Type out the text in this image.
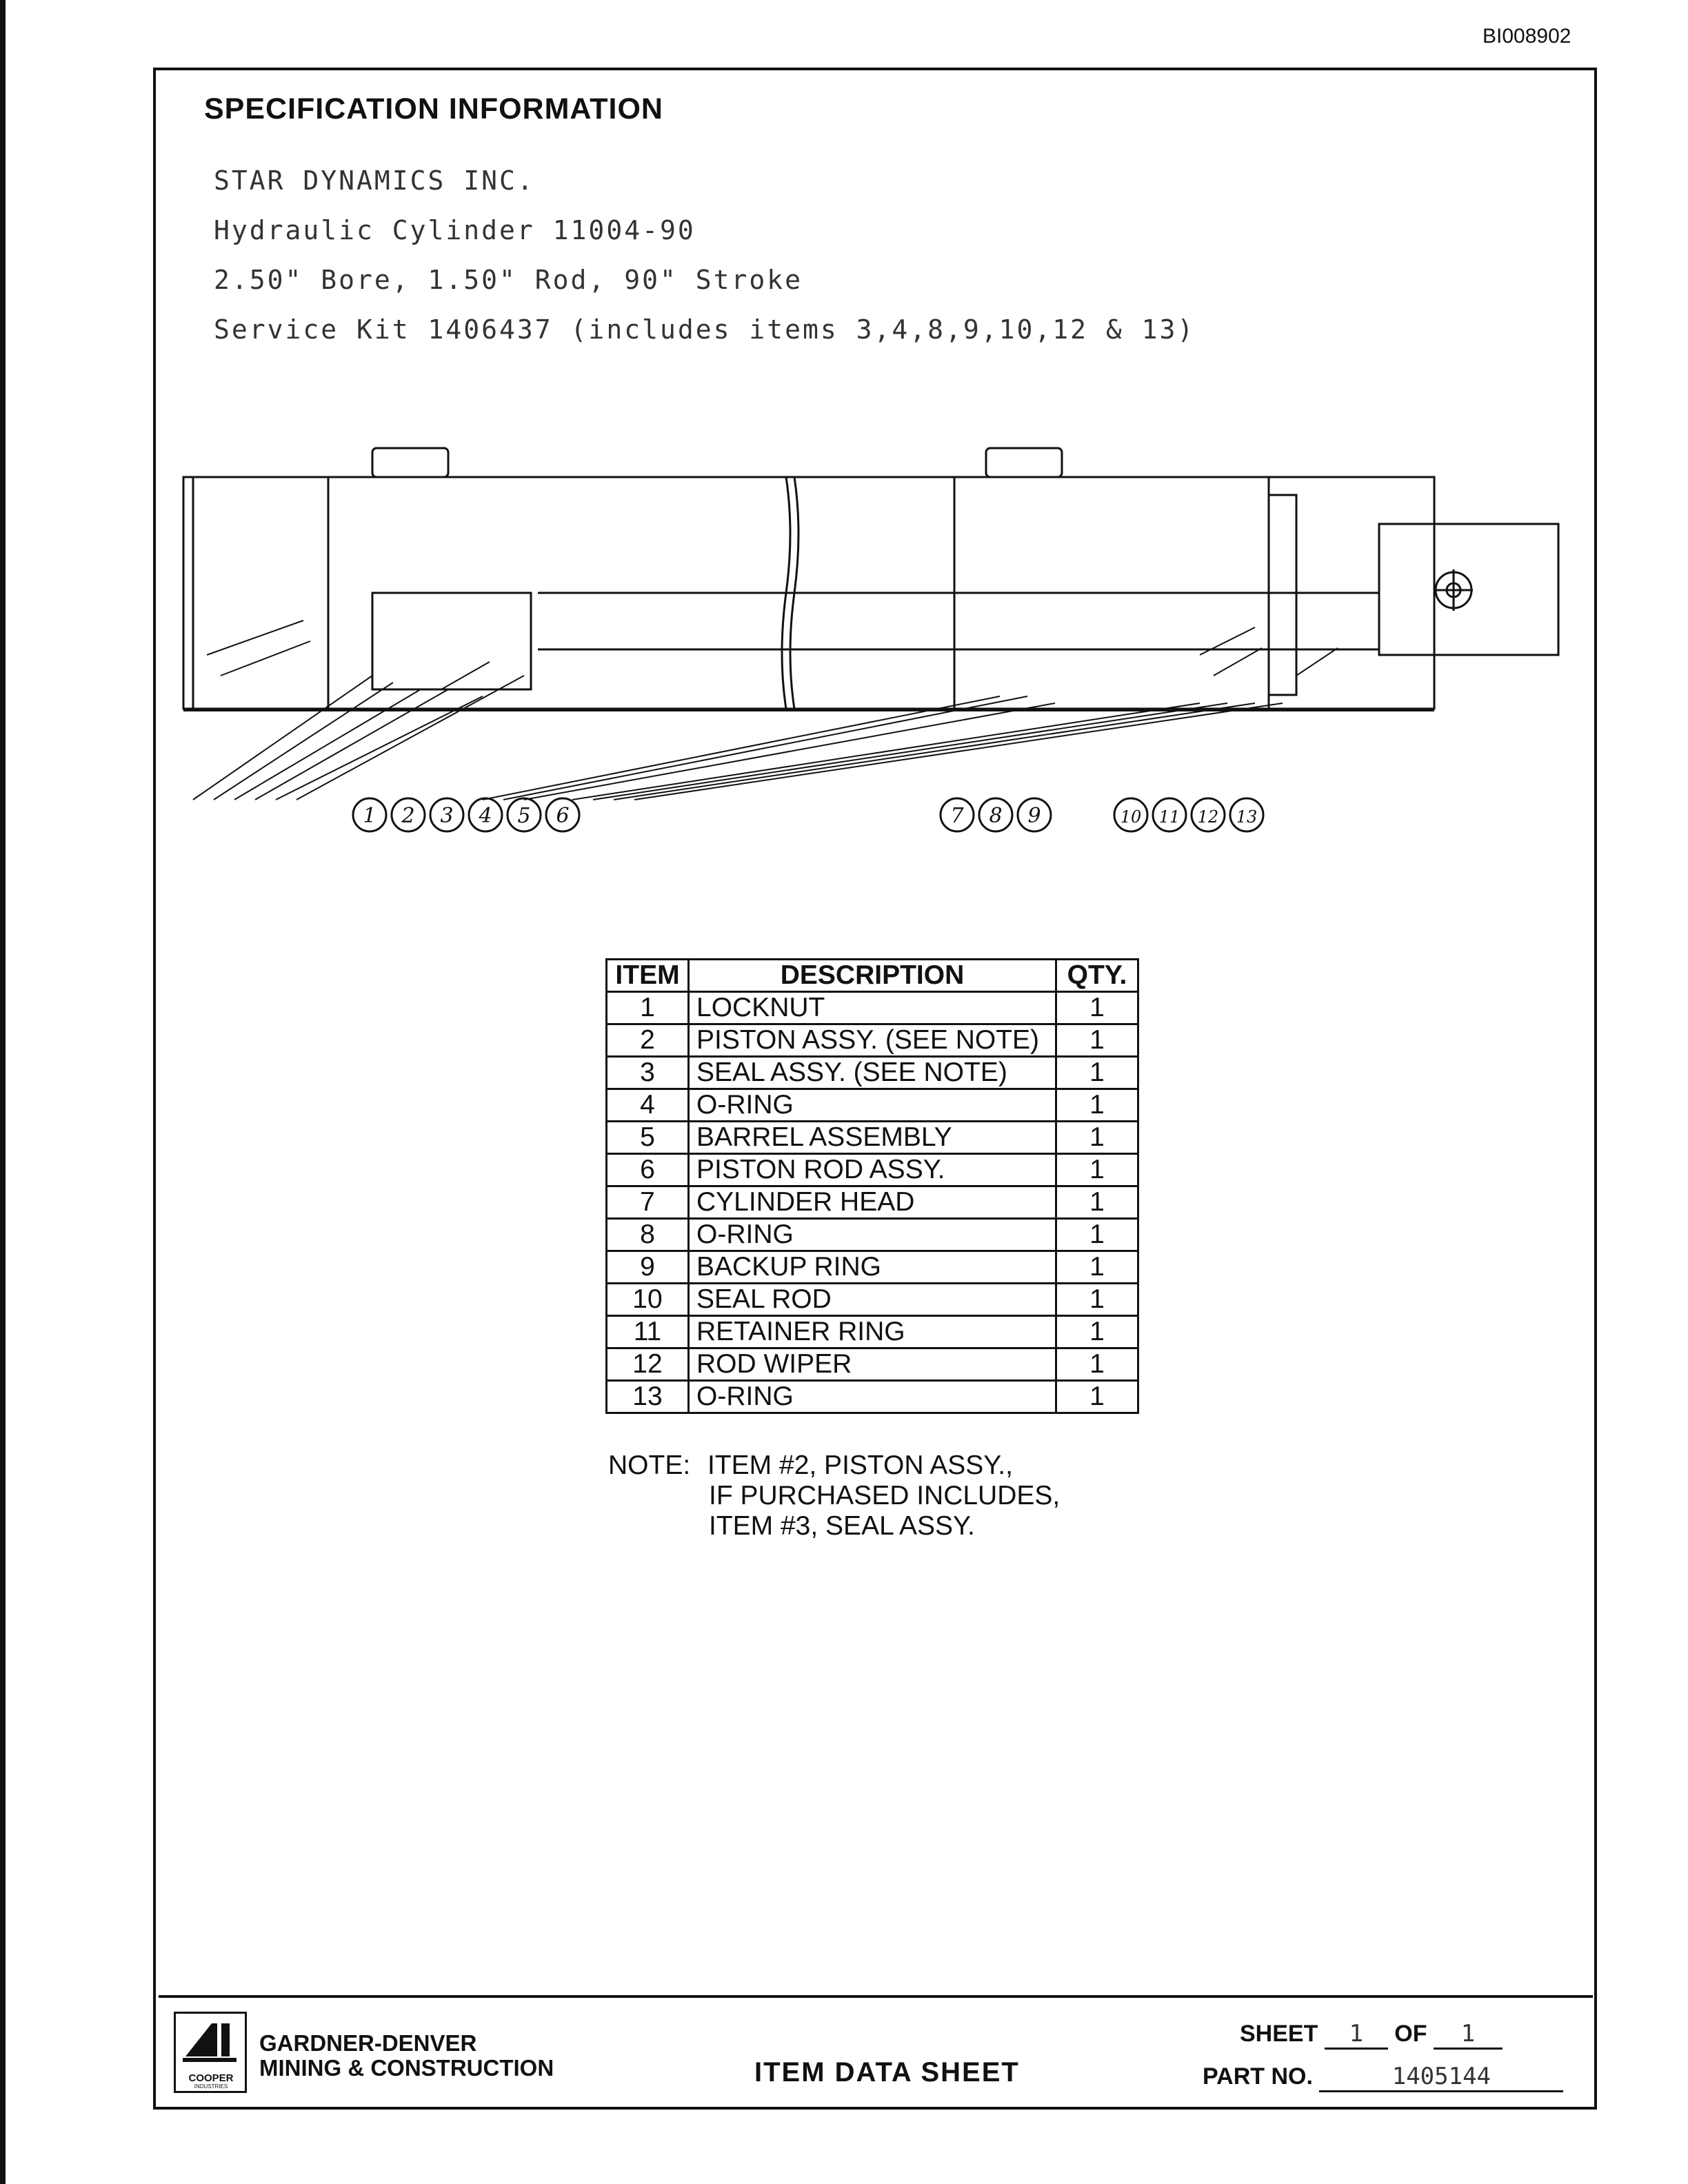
BI008902
SPECIFICATION INFORMATION
STAR DYNAMICS INC.
Hydraulic Cylinder 11004-90
2.50" Bore, 1.50" Rod, 90" Stroke
Service Kit 1406437 (includes items 3,4,8,9,10,12 & 13)
1 2 3 4 5 6	7 8 9	10 11 12 13
ITEM	DESCRIPTION	QTY.
1	LOCKNUT	1
2	PISTON ASSY. (SEE NOTE)	1
3	SEAL ASSY. (SEE NOTE)	1
4	O-RING	1
5	BARREL ASSEMBLY	1
6	PISTON ROD ASSY.	1
7	CYLINDER HEAD	1
8	O-RING	1
9	BACKUP RING	1
10	SEAL ROD	1
11	RETAINER RING	1
12	ROD WIPER	1
13	O-RING	1
NOTE: ITEM #2, PISTON ASSY.,
IF PURCHASED INCLUDES,
ITEM #3, SEAL ASSY.
COOPER
INDUSTRIES
GARDNER-DENVER
MINING & CONSTRUCTION	ITEM DATA SHEET
SHEET 1 OF 1
PART NO.	1405144
